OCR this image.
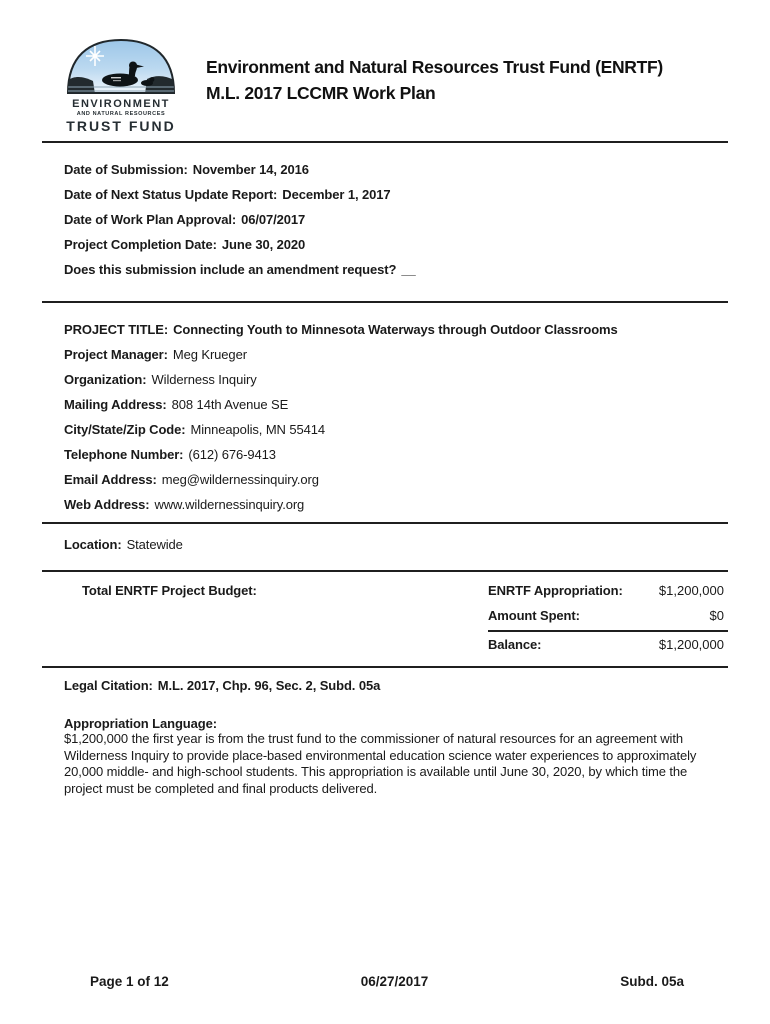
ENVIRONMENT
AND NATURAL RESOURCES
TRUST FUND
Environment and Natural Resources Trust Fund (ENRTF)
M.L. 2017 LCCMR Work Plan
Date of Submission: November 14, 2016
Date of Next Status Update Report: December 1, 2017
Date of Work Plan Approval: 06/07/2017
Project Completion Date: June 30, 2020
Does this submission include an amendment request? __
PROJECT TITLE: Connecting Youth to Minnesota Waterways through Outdoor Classrooms
Project Manager: Meg Krueger
Organization: Wilderness Inquiry
Mailing Address: 808 14th Avenue SE
City/State/Zip Code: Minneapolis, MN 55414
Telephone Number: (612) 676-9413
Email Address: meg@wildernessinquiry.org
Web Address: www.wildernessinquiry.org
Location: Statewide
Total ENRTF Project Budget:	ENRTF Appropriation:	$1,200,000
Amount Spent:	$0
Balance:	$1,200,000
Legal Citation: M.L. 2017, Chp. 96, Sec. 2, Subd. 05a
Appropriation Language:
$1,200,000 the first year is from the trust fund to the commissioner of natural resources for an agreement with Wilderness Inquiry to provide place-based environmental education science water experiences to approximately 20,000 middle- and high-school students. This appropriation is available until June 30, 2020, by which time the project must be completed and final products delivered.
Page 1 of 12	06/27/2017	Subd. 05a
